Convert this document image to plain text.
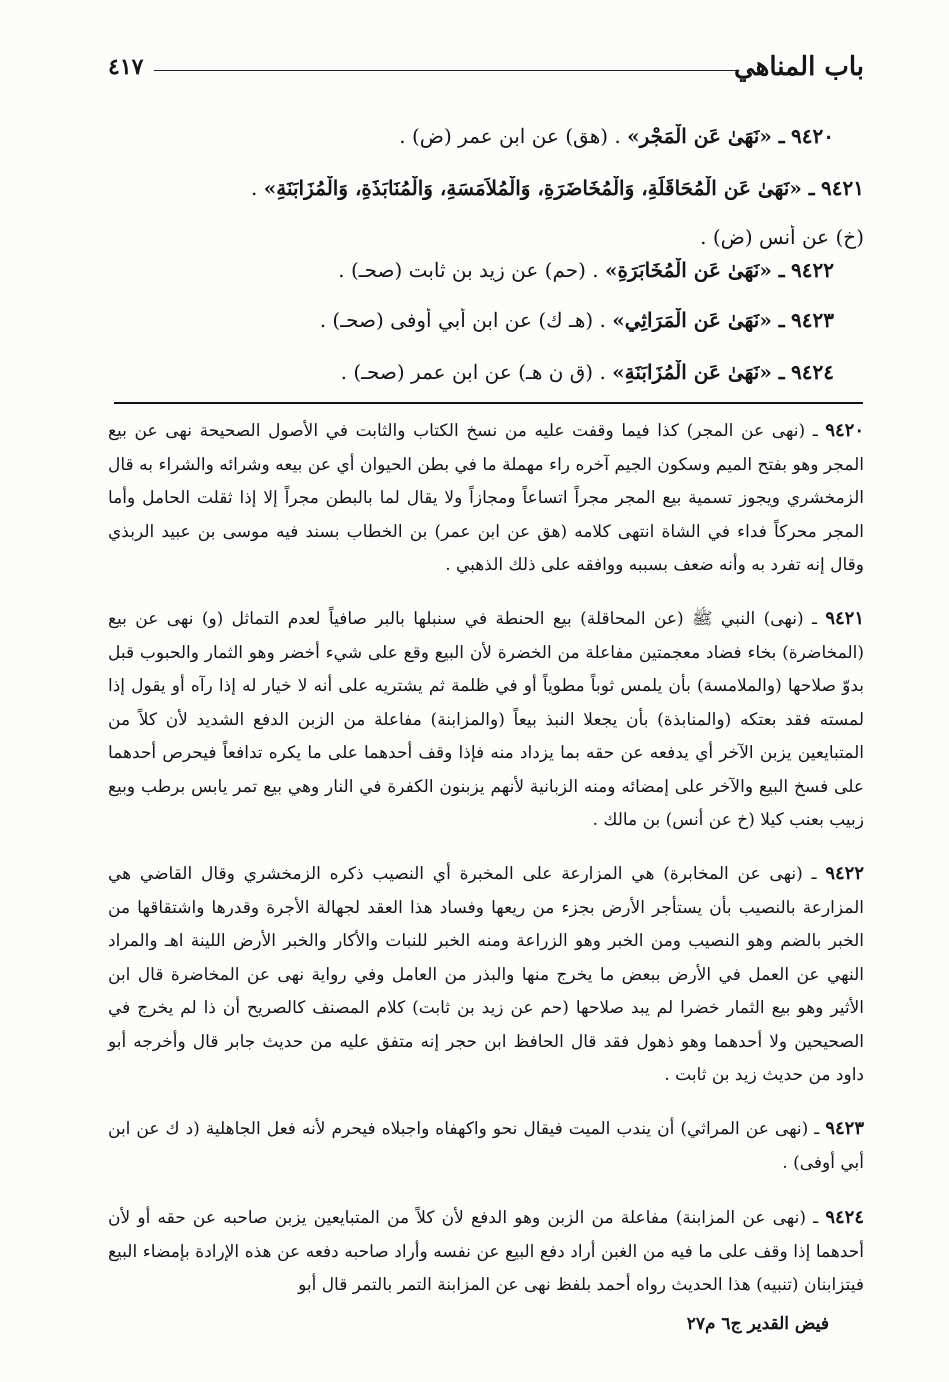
باب المناهي
٤١٧
٩٤٢٠ ـ «نَهَىٰ عَنِ الْمَجْرِ» . (هق) عن ابن عمر (ض) .
٩٤٢١ ـ «نَهَىٰ عَنِ الْمُحَاقَلَةِ، وَالْمُخَاضَرَةِ، وَالْمُلاَمَسَةِ، وَالْمُنَابَذَةِ، وَالْمُزَابَنَةِ» .
(خ) عن أنس (ض) .
٩٤٢٢ ـ «نَهَىٰ عَنِ الْمُخَابَرَةِ» . (حم) عن زيد بن ثابت (صحـ) .
٩٤٢٣ ـ «نَهَىٰ عَنِ الْمَرَاثِي» . (هـ ك) عن ابن أبي أوفى (صحـ) .
٩٤٢٤ ـ «نَهَىٰ عَنِ الْمُزَابَنَةِ» . (ق ن هـ) عن ابن عمر (صحـ) .
٩٤٢٠ ـ (نهى عن المجر) كذا فيما وقفت عليه من نسخ الكتاب والثابت في الأصول الصحيحة نهى عن بيع المجر وهو بفتح الميم وسكون الجيم آخره راء مهملة ما في بطن الحيوان أي عن بيعه وشرائه والشراء به قال الزمخشري ويجوز تسمية بيع المجر مجراً اتساعاً ومجازاً ولا يقال لما بالبطن مجراً إلا إذا ثقلت الحامل وأما المجر محركاً فداء في الشاة انتهى كلامه (هق عن ابن عمر) بن الخطاب بسند فيه موسى بن عبيد الربذي وقال إنه تفرد به وأنه ضعف بسببه ووافقه على ذلك الذهبي .
٩٤٢١ ـ (نهى) النبي ﷺ (عن المحاقلة) بيع الحنطة في سنبلها بالبر صافياً لعدم التماثل (و) نهى عن بيع (المخاضرة) بخاء فضاد معجمتين مفاعلة من الخضرة لأن البيع وقع على شيء أخضر وهو الثمار والحبوب قبل بدوّ صلاحها (والملامسة) بأن يلمس ثوباً مطوياً أو في ظلمة ثم يشتريه على أنه لا خيار له إذا رآه أو يقول إذا لمسته فقد بعتكه (والمنابذة) بأن يجعلا النبذ بيعاً (والمزابنة) مفاعلة من الزبن الدفع الشديد لأن كلاً من المتبايعين يزبن الآخر أي يدفعه عن حقه بما يزداد منه فإذا وقف أحدهما على ما يكره تدافعاً فيحرص أحدهما على فسخ البيع والآخر على إمضائه ومنه الزبانية لأنهم يزبنون الكفرة في النار وهي بيع تمر يابس برطب وبيع زبيب بعنب كيلا (خ عن أنس) بن مالك .
٩٤٢٢ ـ (نهى عن المخابرة) هي المزارعة على المخبرة أي النصيب ذكره الزمخشري وقال القاضي هي المزارعة بالنصيب بأن يستأجر الأرض بجزء من ريعها وفساد هذا العقد لجهالة الأجرة وقدرها واشتقاقها من الخبر بالضم وهو النصيب ومن الخبر وهو الزراعة ومنه الخبر للنبات والأكار والخبر الأرض اللينة اهـ والمراد النهي عن العمل في الأرض ببعض ما يخرج منها والبذر من العامل وفي رواية نهى عن المخاضرة قال ابن الأثير وهو بيع الثمار خضرا لم يبد صلاحها (حم عن زيد بن ثابت) كلام المصنف كالصريح أن ذا لم يخرج في الصحيحين ولا أحدهما وهو ذهول فقد قال الحافظ ابن حجر إنه متفق عليه من حديث جابر قال وأخرجه أبو داود من حديث زيد بن ثابت .
٩٤٢٣ ـ (نهى عن المراثي) أن يندب الميت فيقال نحو واكهفاه واجبلاه فيحرم لأنه فعل الجاهلية (د ك عن ابن أبي أوفى) .
٩٤٢٤ ـ (نهى عن المزابنة) مفاعلة من الزبن وهو الدفع لأن كلاً من المتبايعين يزبن صاحبه عن حقه أو لأن أحدهما إذا وقف على ما فيه من الغبن أراد دفع البيع عن نفسه وأراد صاحبه دفعه عن هذه الإرادة بإمضاء البيع فيتزابنان (تنبيه) هذا الحديث رواه أحمد بلفظ نهى عن المزابنة التمر بالتمر قال أبو
فيض القدير ج٦ م٢٧
